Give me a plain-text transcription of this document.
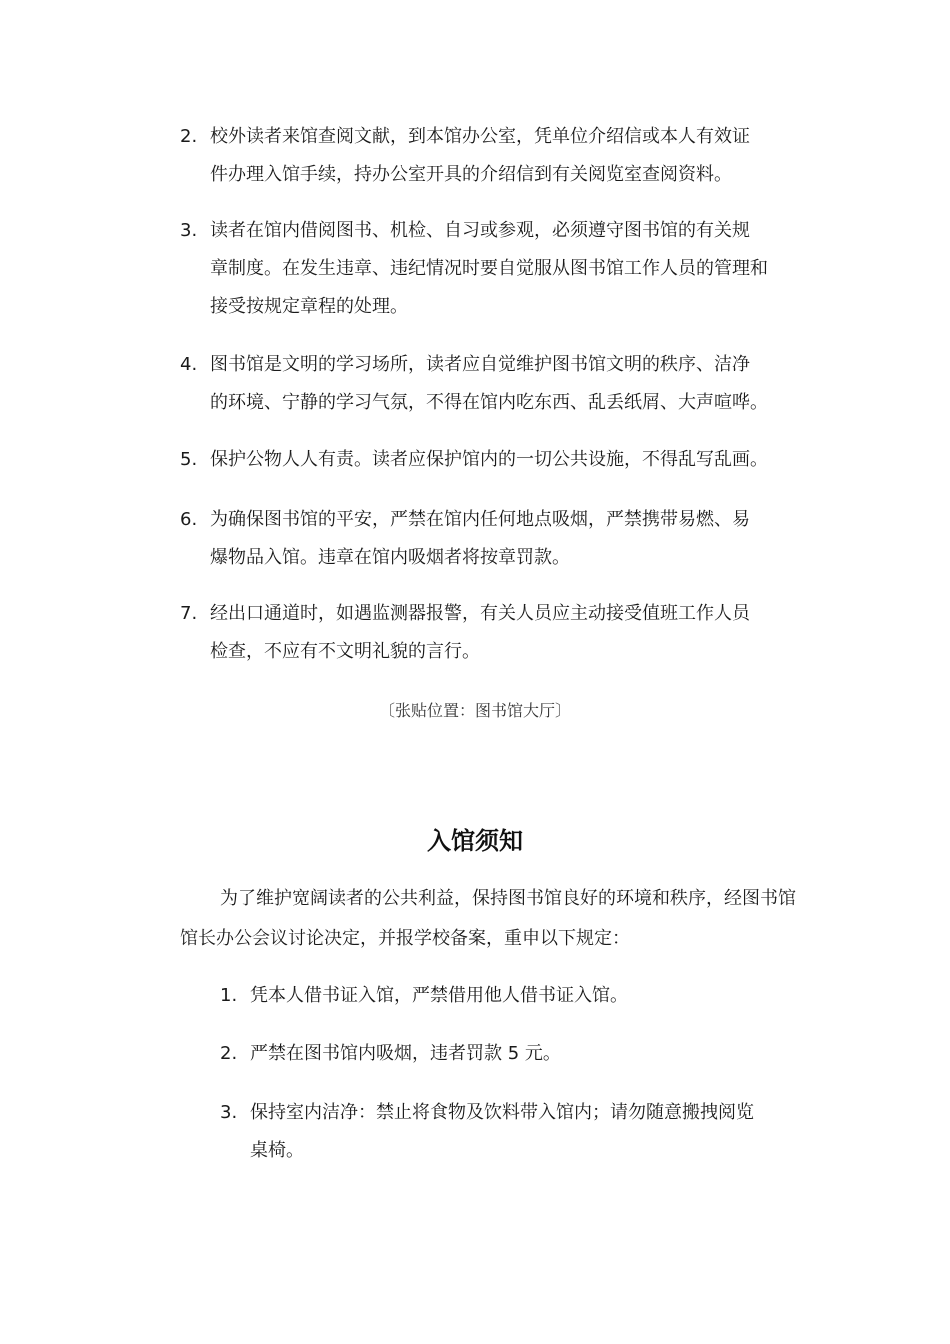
2. 校外读者来馆查阅文献，到本馆办公室，凭单位介绍信或本人有效证
件办理入馆手续，持办公室开具的介绍信到有关阅览室查阅资料。
3. 读者在馆内借阅图书、机检、自习或参观，必须遵守图书馆的有关规
章制度。在发生违章、违纪情况时要自觉服从图书馆工作人员的管理和
接受按规定章程的处理。
4. 图书馆是文明的学习场所，读者应自觉维护图书馆文明的秩序、洁净
的环境、宁静的学习气氛，不得在馆内吃东西、乱丢纸屑、大声喧哗。
5. 保护公物人人有责。读者应保护馆内的一切公共设施，不得乱写乱画。
6. 为确保图书馆的平安，严禁在馆内任何地点吸烟，严禁携带易燃、易
爆物品入馆。违章在馆内吸烟者将按章罚款。
7. 经出口通道时，如遇监测器报警，有关人员应主动接受值班工作人员
检查，不应有不文明礼貌的言行。
〔张贴位置：图书馆大厅〕
入馆须知
为了维护宽阔读者的公共利益，保持图书馆良好的环境和秩序，经图书馆馆长办公会议讨论决定，并报学校备案，重申以下规定：
1. 凭本人借书证入馆，严禁借用他人借书证入馆。
2. 严禁在图书馆内吸烟，违者罚款 5 元。
3. 保持室内洁净：禁止将食物及饮料带入馆内；请勿随意搬拽阅览
桌椅。
